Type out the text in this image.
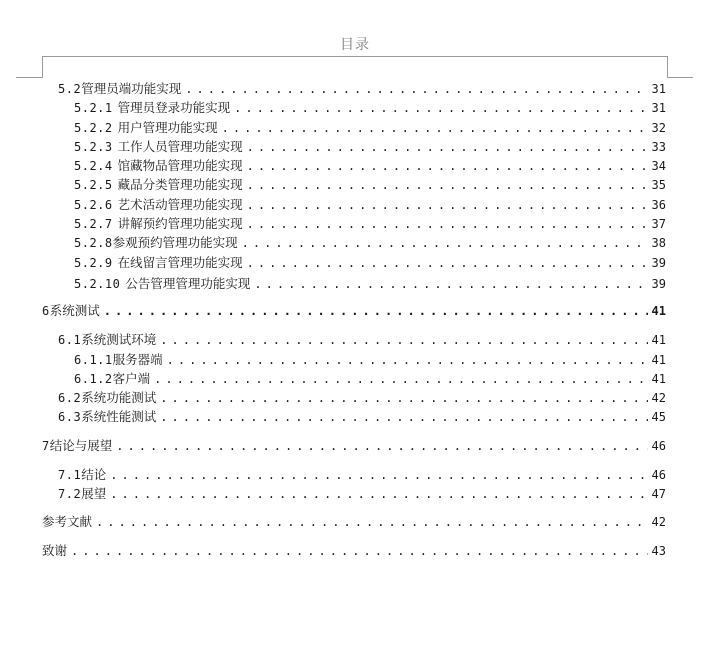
目录
5.2 管理员端功能实现 . . .	31
5.2.1 管理员登录功能实现 . . .	31
5.2.2 用户管理功能实现 . . .	32
5.2.3 工作人员管理功能实现 . . .	33
5.2.4 馆藏物品管理功能实现 . . .	34
5.2.5 藏品分类管理功能实现 . . .	35
5.2.6 艺术活动管理功能实现 . . .	36
5.2.7 讲解预约管理功能实现 . . .	37
5.2.8 参观预约管理功能实现 . . .	38
5.2.9 在线留言管理功能实现 . . .	39
5.2.10 公告管理管理功能实现 . . .	39
6 系统测试 . . .	41
6.1 系统测试环境 . . .	41
6.1.1 服务器端 . . .	41
6.1.2 客户端 . . .	41
6.2 系统功能测试 . . .	42
6.3 系统性能测试 . . .	45
7 结论与展望 . . .	46
7.1 结论 . . .	46
7.2 展望 . . .	47
参考文献 . . .	42
致谢 . . .	43
